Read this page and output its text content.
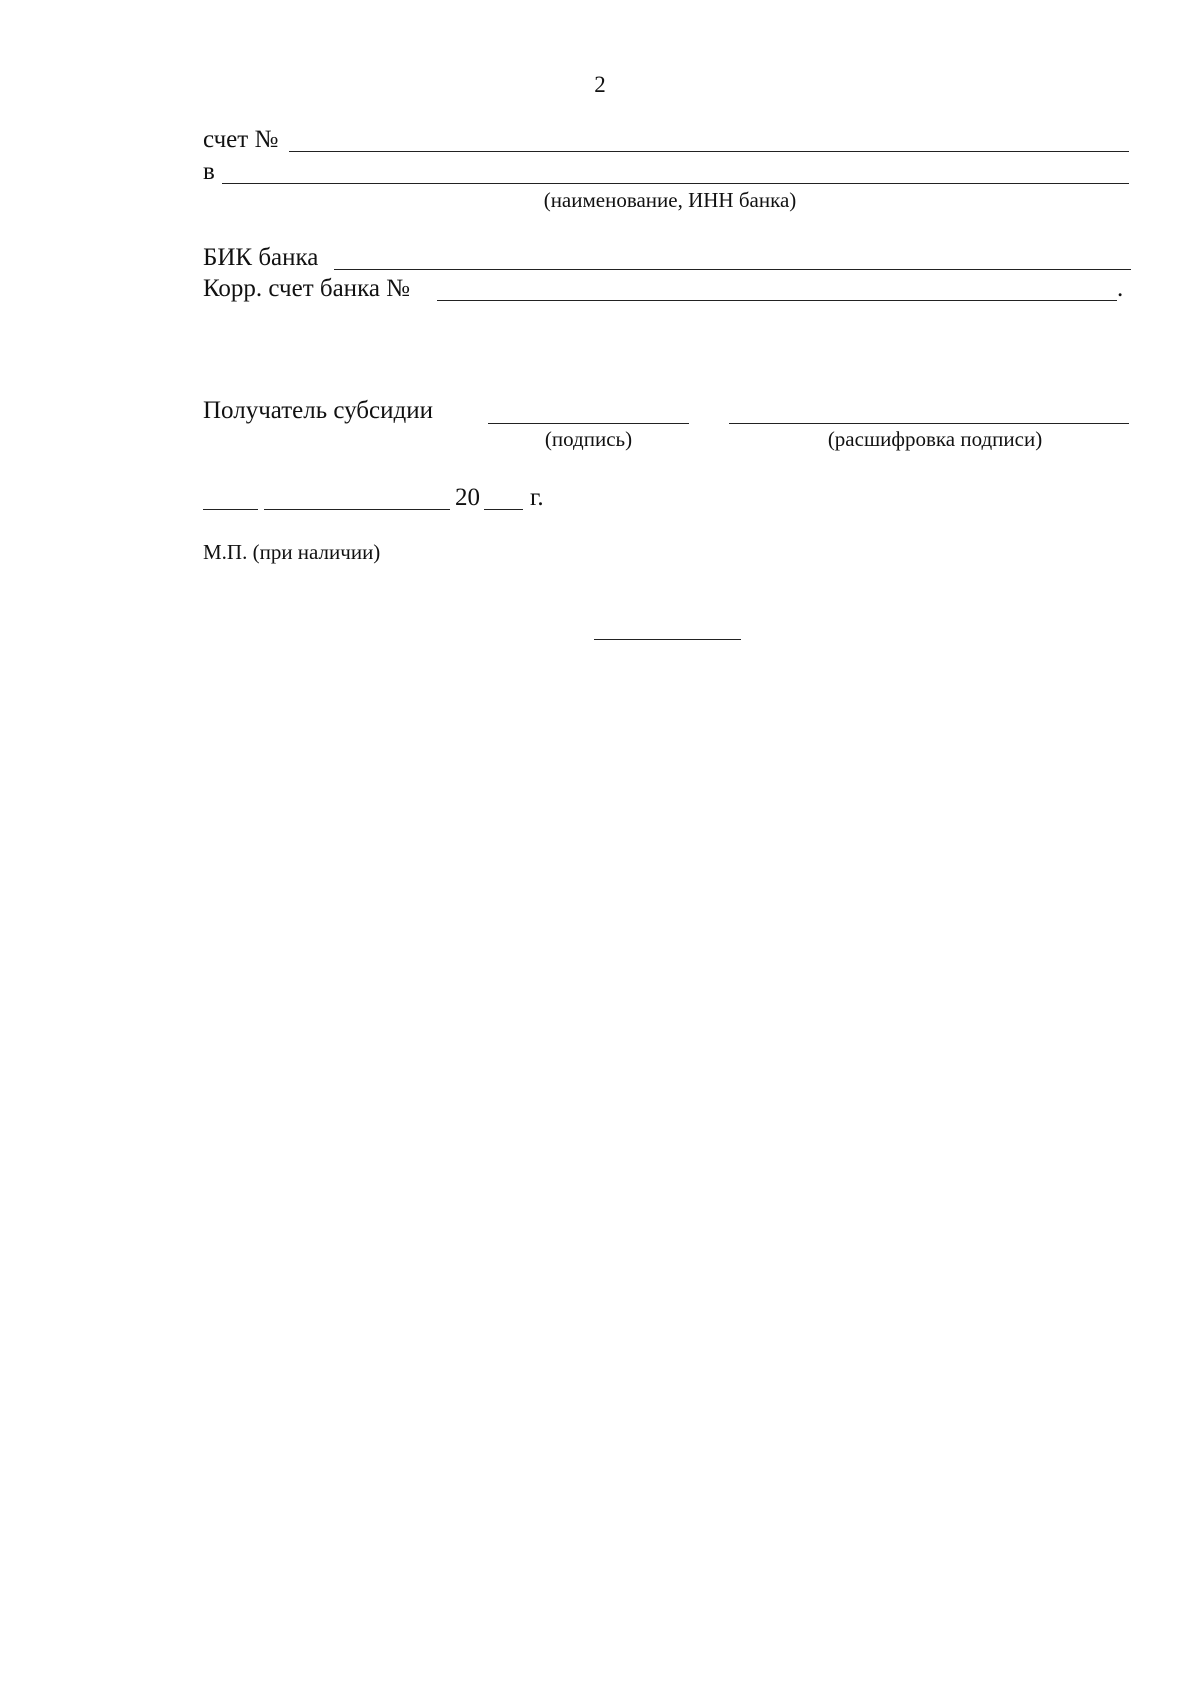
2
счет №
в
(наименование, ИНН банка)
БИК банка
Корр. счет банка №	.
Получатель субсидии
(подпись)	(расшифровка подписи)
20 г.
М.П. (при наличии)
